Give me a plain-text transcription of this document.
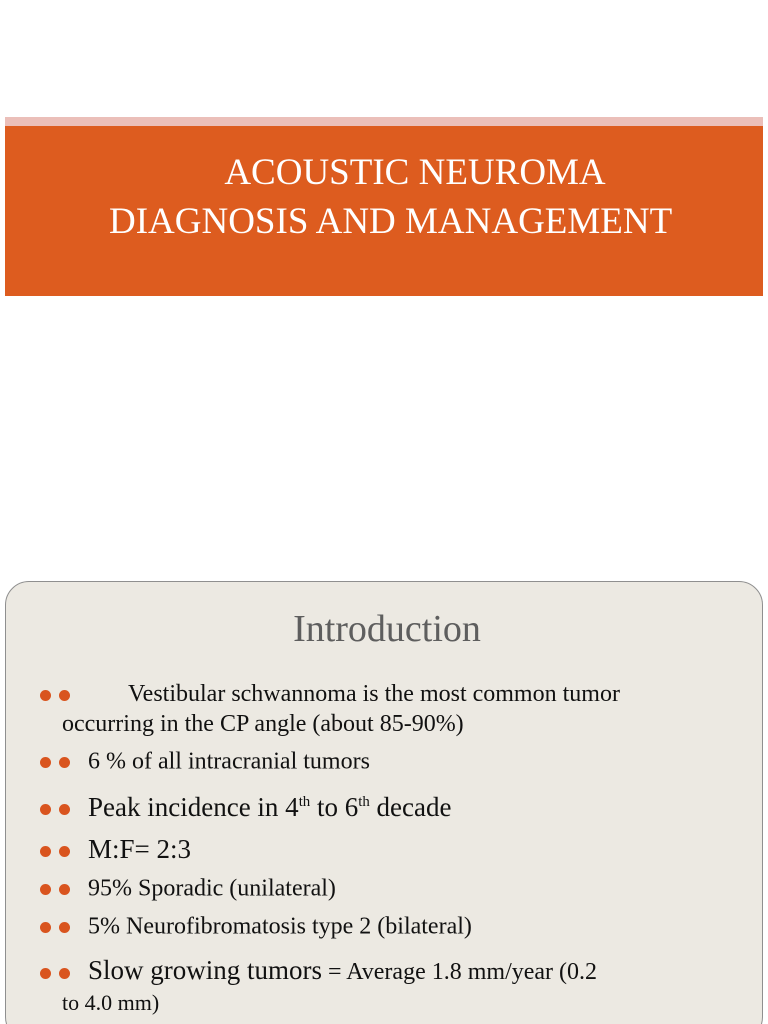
ACOUSTIC NEUROMA
DIAGNOSIS AND MANAGEMENT
Introduction
Vestibular schwannoma is the most common tumor
occurring in the CP angle (about 85-90%)
6 % of all intracranial tumors
Peak incidence in 4th to 6th decade
M:F= 2:3
95% Sporadic (unilateral)
5% Neurofibromatosis type 2 (bilateral)
Slow growing tumors = Average 1.8 mm/year (0.2
to 4.0 mm)
